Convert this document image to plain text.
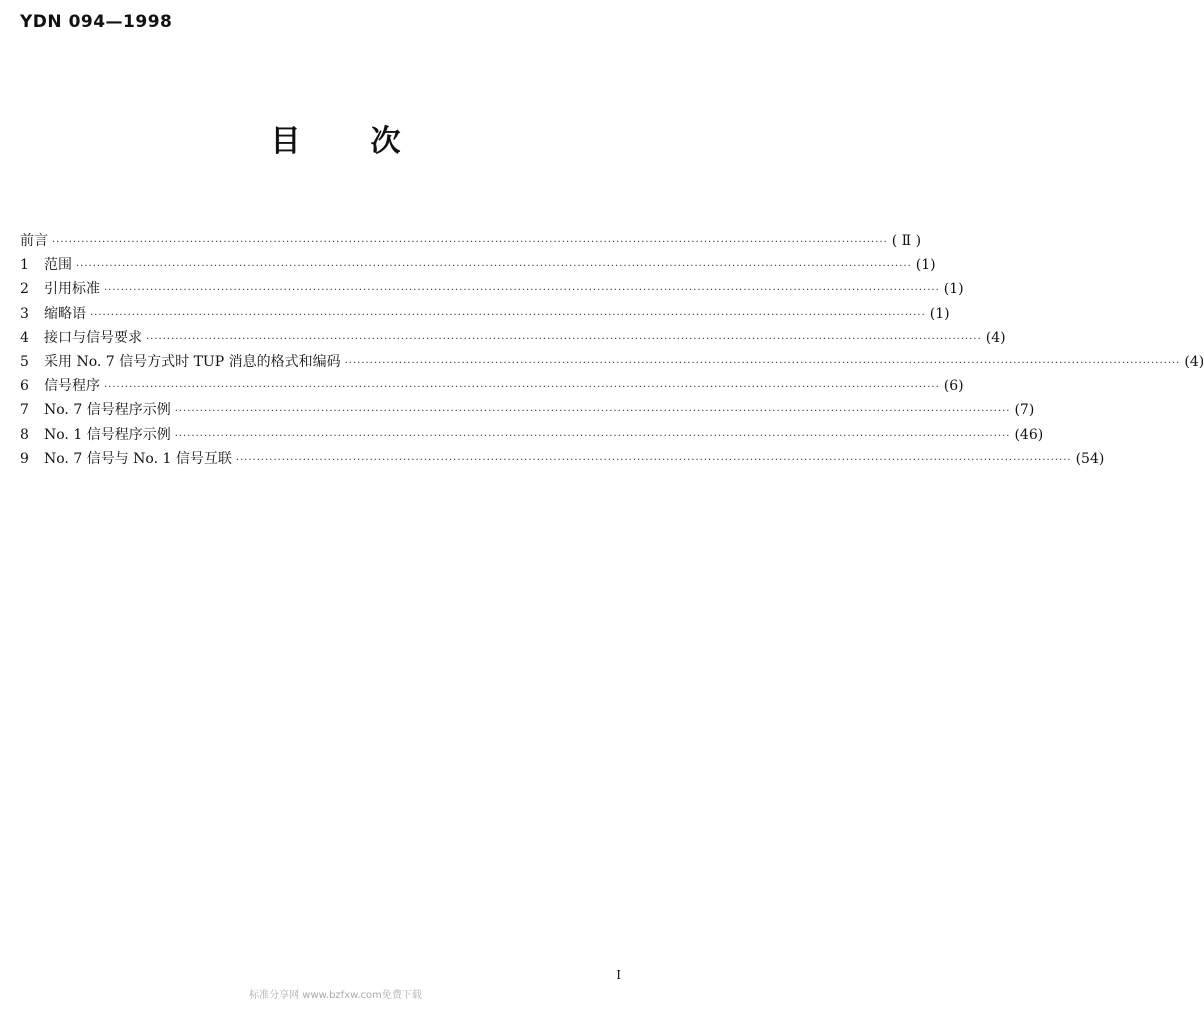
YDN 094—1998
目 次
前言 ········································································································································································································ ( Ⅱ )
1	范围 ········································································································································································································ (1)
2	引用标准 ········································································································································································································ (1)
3	缩略语 ········································································································································································································ (1)
4	接口与信号要求 ········································································································································································································ (4)
5	采用 No. 7 信号方式时 TUP 消息的格式和编码 ········································································································································································································ (4)
6	信号程序 ········································································································································································································ (6)
7	No. 7 信号程序示例 ········································································································································································································ (7)
8	No. 1 信号程序示例 ········································································································································································································ (46)
9	No. 7 信号与 No. 1 信号互联 ········································································································································································································ (54)
I
标准分享网 www.bzfxw.com免费下载
